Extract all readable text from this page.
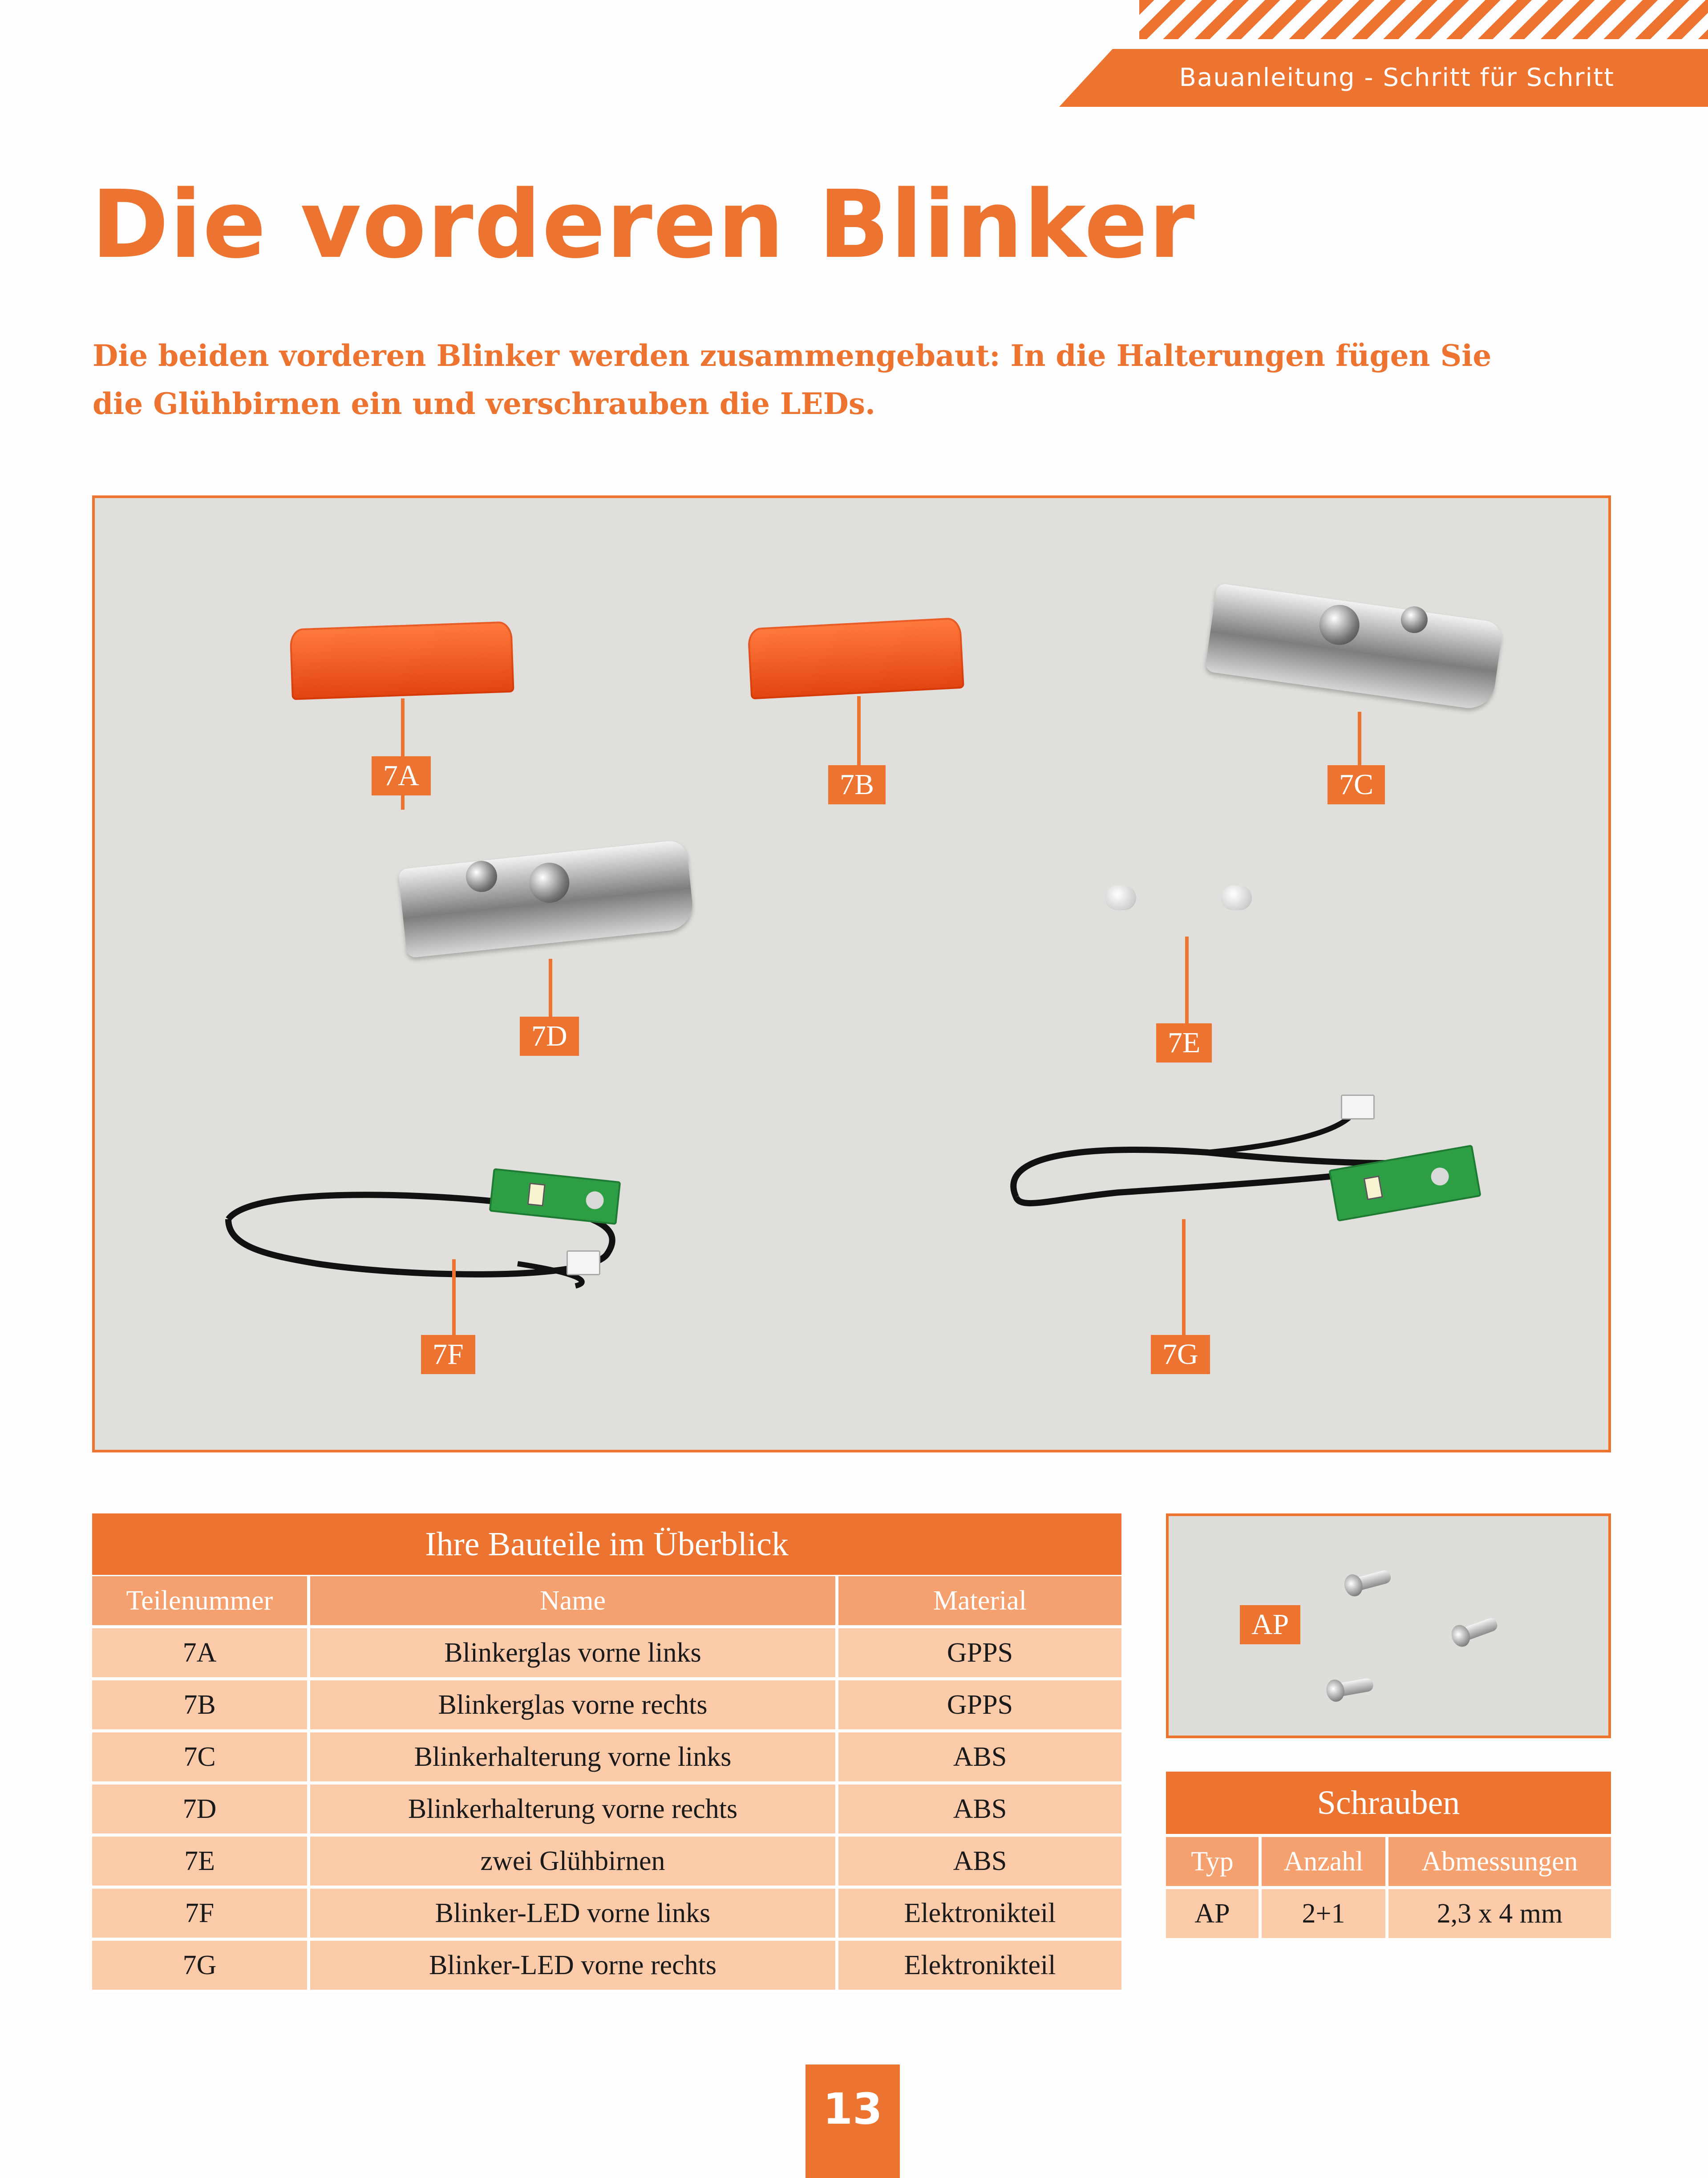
Bauanleitung - Schritt für Schritt
Die vorderen Blinker
Die beiden vorderen Blinker werden zusammengebaut: In die Halterungen fügen Sie die Glühbirnen ein und verschrauben die LEDs.
7A	7B	7C
7D	7E
7F	7G
Ihre Bauteile im Überblick
Teilenummer	Name	Material
7A	Blinkerglas vorne links	GPPS
7B	Blinkerglas vorne rechts	GPPS
7C	Blinkerhalterung vorne links	ABS
7D	Blinkerhalterung vorne rechts	ABS
7E	zwei Glühbirnen	ABS
7F	Blinker-LED vorne links	Elektronikteil
7G	Blinker-LED vorne rechts	Elektronikteil
AP
Schrauben
Typ	Anzahl	Abmessungen
AP	2+1	2,3 x 4 mm
13
